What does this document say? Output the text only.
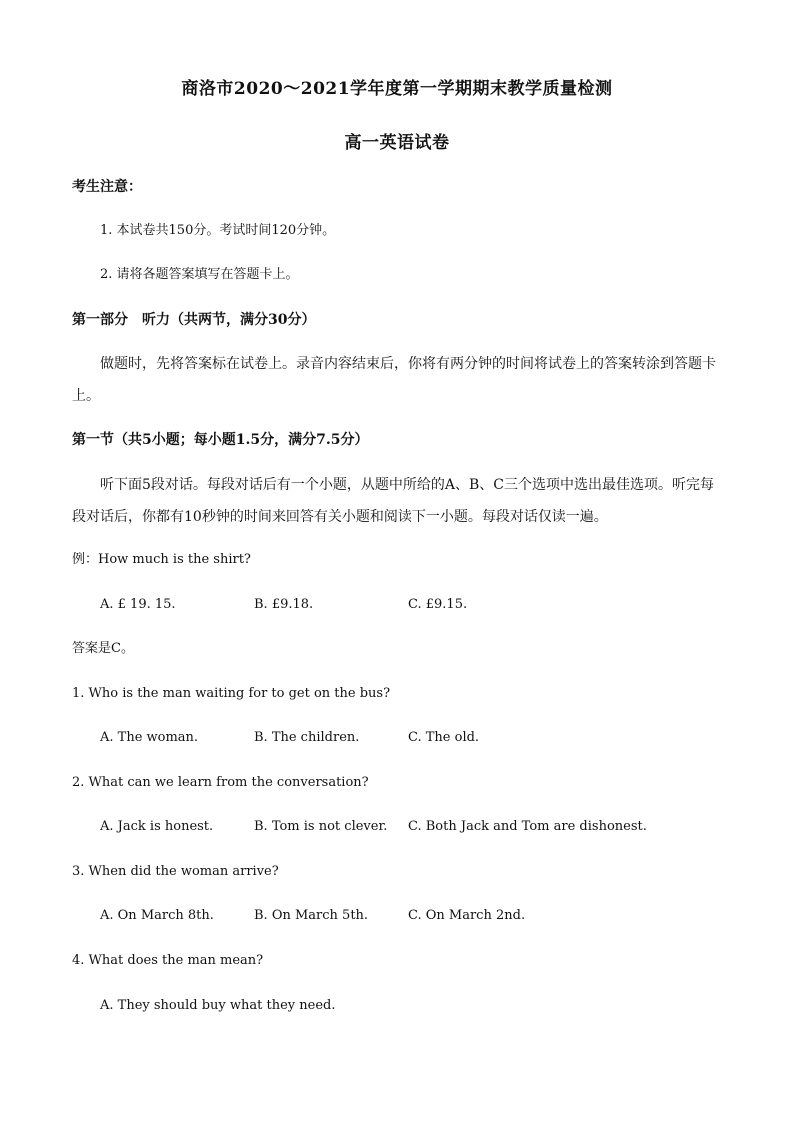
商洛市2020～2021学年度第一学期期末教学质量检测
高一英语试卷
考生注意：
1. 本试卷共150分。考试时间120分钟。
2. 请将各题答案填写在答题卡上。
第一部分　听力（共两节，满分30分）
做题时，先将答案标在试卷上。录音内容结束后，你将有两分钟的时间将试卷上的答案转涂到答题卡上。
第一节（共5小题；每小题1.5分，满分7.5分）
听下面5段对话。每段对话后有一个小题，从题中所给的A、B、C三个选项中选出最佳选项。听完每段对话后，你都有10秒钟的时间来回答有关小题和阅读下一小题。每段对话仅读一遍。
例：How much is the shirt?
A. £ 19. 15.	B. £9.18.	C. £9.15.
答案是C。
1. Who is the man waiting for to get on the bus?
A. The woman.	B. The children.	C. The old.
2. What can we learn from the conversation?
A. Jack is honest.	B. Tom is not clever. C. Both Jack and Tom are dishonest.
3. When did the woman arrive?
A. On March 8th.	B. On March 5th.	C. On March 2nd.
4. What does the man mean?
A. They should buy what they need.
